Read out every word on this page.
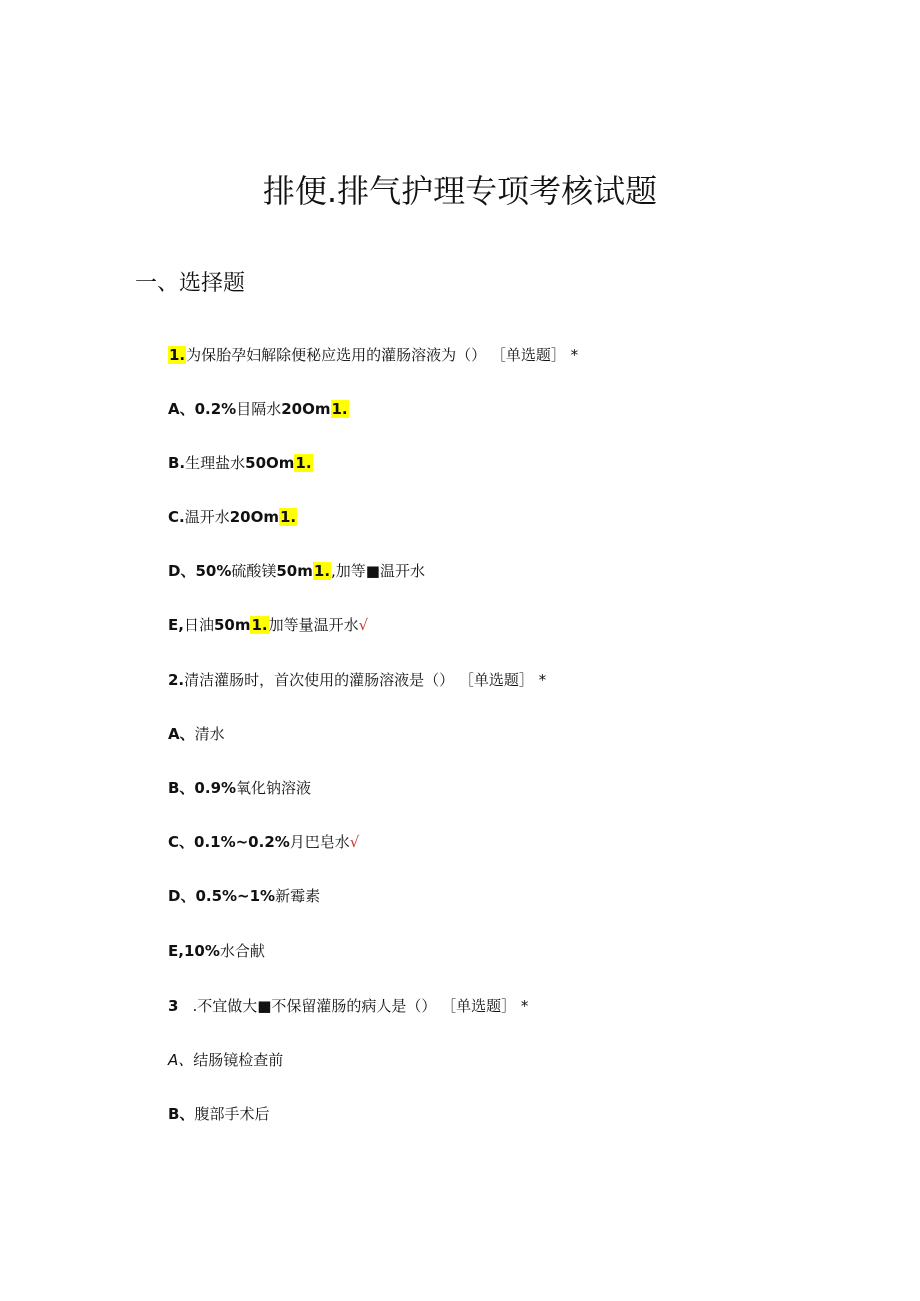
排便.排气护理专项考核试题
一、选择题
1.为保胎孕妇解除便秘应选用的灌肠溶液为（） ［单选题］ *
A、0.2%目隔水20Om1.
B.生理盐水50Om1.
C.温开水20Om1.
D、50%硫酸镁50m1.,加等■温开水
E,日油50m1.加等量温开水√
2.清洁灌肠时，首次使用的灌肠溶液是（） ［单选题］ *
A、清水
B、0.9%氧化钠溶液
C、0.1%~0.2%月巴皂水√
D、0.5%~1%新霉素
E,10%水合献
3 .不宜做大■不保留灌肠的病人是（） ［单选题］ *
A、结肠镜检查前
B、腹部手术后
